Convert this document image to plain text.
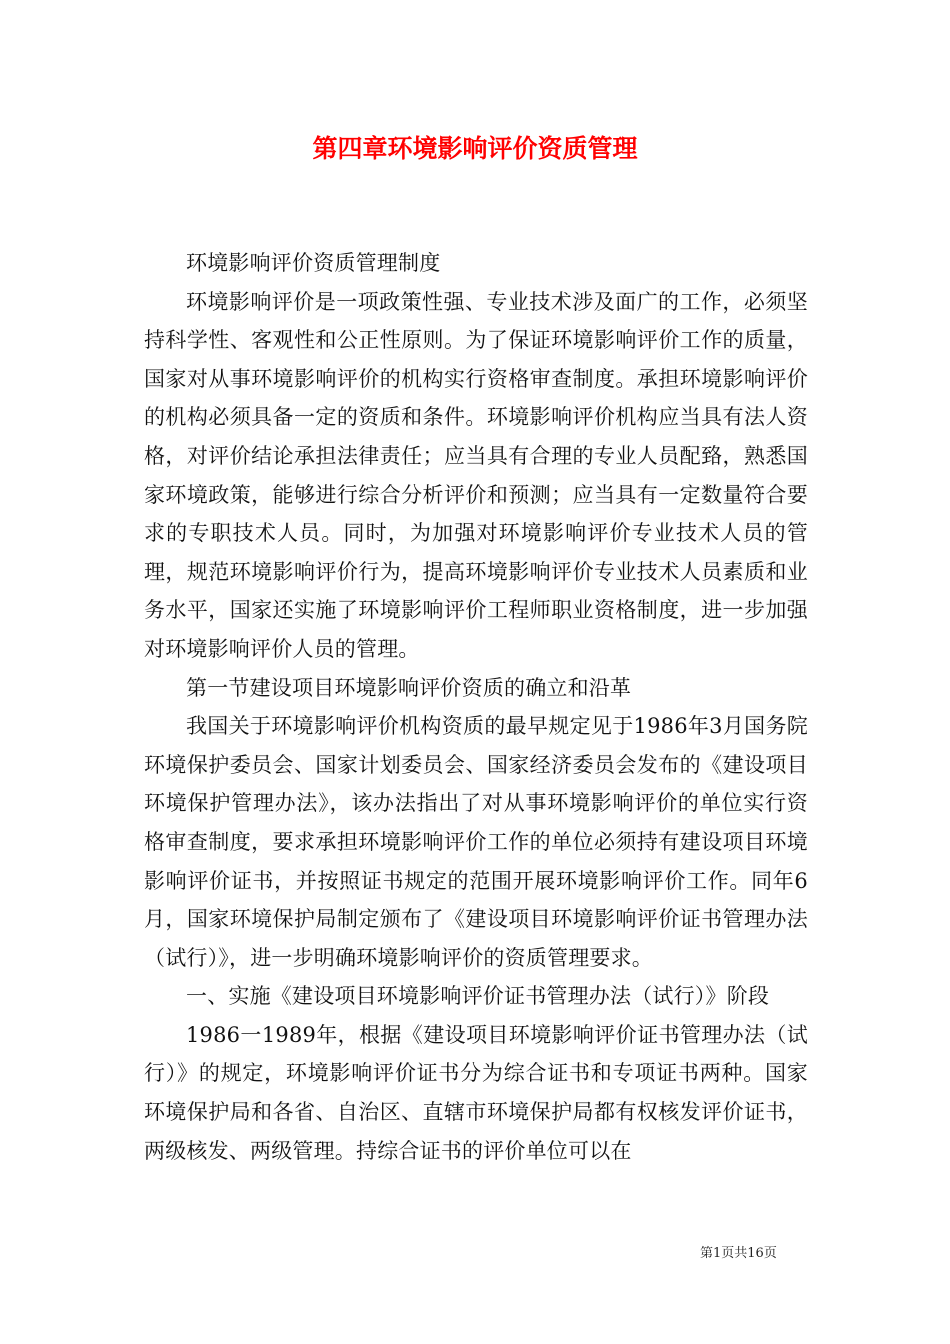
第四章环境影响评价资质管理

环境影响评价资质管理制度

环境影响评价是一项政策性强、专业技术涉及面广的工作，必须坚持科学性、客观性和公正性原则。为了保证环境影响评价工作的质量，国家对从事环境影响评价的机构实行资格审查制度。承担环境影响评价的机构必须具备一定的资质和条件。环境影响评价机构应当具有法人资格，对评价结论承担法律责任；应当具有合理的专业人员配臵，熟悉国家环境政策，能够进行综合分析评价和预测；应当具有一定数量符合要求的专职技术人员。同时，为加强对环境影响评价专业技术人员的管理，规范环境影响评价行为，提高环境影响评价专业技术人员素质和业务水平，国家还实施了环境影响评价工程师职业资格制度，进一步加强对环境影响评价人员的管理。

第一节建设项目环境影响评价资质的确立和沿革

我国关于环境影响评价机构资质的最早规定见于1986年3月国务院环境保护委员会、国家计划委员会、国家经济委员会发布的《建设项目环境保护管理办法》，该办法指出了对从事环境影响评价的单位实行资格审查制度，要求承担环境影响评价工作的单位必须持有建设项目环境影响评价证书，并按照证书规定的范围开展环境影响评价工作。同年6月，国家环境保护局制定颁布了《建设项目环境影响评价证书管理办法（试行）》，进一步明确环境影响评价的资质管理要求。

一、实施《建设项目环境影响评价证书管理办法（试行）》阶段

1986一1989年，根据《建设项目环境影响评价证书管理办法（试行）》的规定，环境影响评价证书分为综合证书和专项证书两种。国家环境保护局和各省、自治区、直辖市环境保护局都有权核发评价证书，两级核发、两级管理。持综合证书的评价单位可以在

第1页共16页
